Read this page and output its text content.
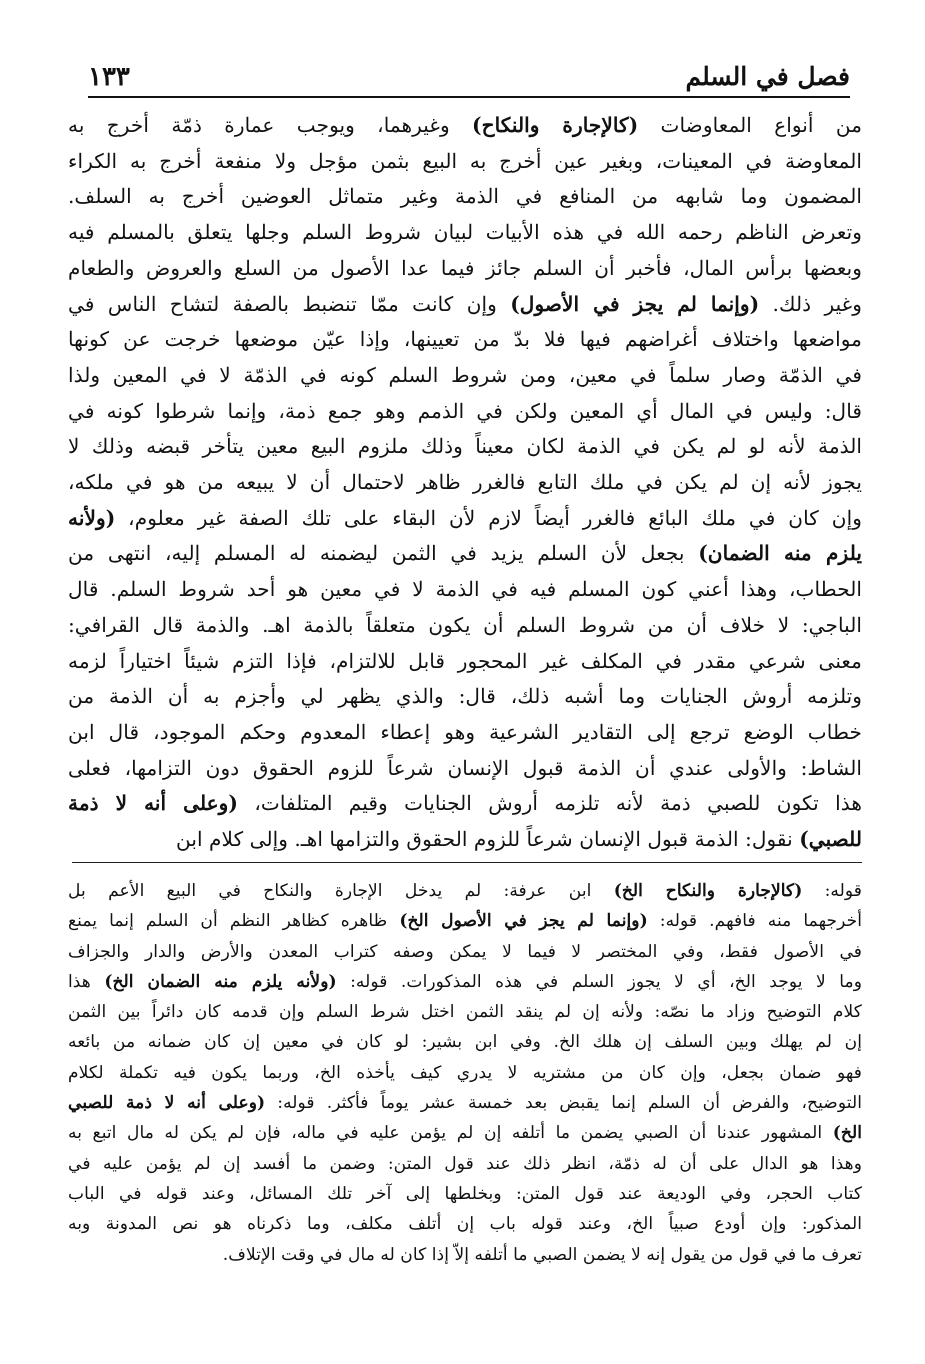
فصل في السلم
١٣٣
من أنواع المعاوضات (كالإجارة والنكاح) وغيرهما، ويوجب عمارة ذمّة أخرج به
المعاوضة في المعينات، وبغير عين أخرج به البيع بثمن مؤجل ولا منفعة أخرج به الكراء
المضمون وما شابهه من المنافع في الذمة وغير متماثل العوضين أخرج به السلف.
وتعرض الناظم رحمه الله في هذه الأبيات لبيان شروط السلم وجلها يتعلق بالمسلم فيه
وبعضها برأس المال، فأخبر أن السلم جائز فيما عدا الأصول من السلع والعروض والطعام
وغير ذلك. (وإنما لم يجز في الأصول) وإن كانت ممّا تنضبط بالصفة لتشاح الناس في
مواضعها واختلاف أغراضهم فيها فلا بدّ من تعيينها، وإذا عيّن موضعها خرجت عن كونها
في الذمّة وصار سلماً في معين، ومن شروط السلم كونه في الذمّة لا في المعين ولذا
قال: وليس في المال أي المعين ولكن في الذمم وهو جمع ذمة، وإنما شرطوا كونه في
الذمة لأنه لو لم يكن في الذمة لكان معيناً وذلك ملزوم البيع معين يتأخر قبضه وذلك لا
يجوز لأنه إن لم يكن في ملك التابع فالغرر ظاهر لاحتمال أن لا يبيعه من هو في ملكه،
وإن كان في ملك البائع فالغرر أيضاً لازم لأن البقاء على تلك الصفة غير معلوم، (ولأنه
يلزم منه الضمان) بجعل لأن السلم يزيد في الثمن ليضمنه له المسلم إليه، انتهى من
الحطاب، وهذا أعني كون المسلم فيه في الذمة لا في معين هو أحد شروط السلم. قال
الباجي: لا خلاف أن من شروط السلم أن يكون متعلقاً بالذمة اهـ. والذمة قال القرافي:
معنى شرعي مقدر في المكلف غير المحجور قابل للالتزام، فإذا التزم شيئاً اختياراً لزمه
وتلزمه أروش الجنايات وما أشبه ذلك، قال: والذي يظهر لي وأجزم به أن الذمة من
خطاب الوضع ترجع إلى التقادير الشرعية وهو إعطاء المعدوم وحكم الموجود، قال ابن
الشاط: والأولى عندي أن الذمة قبول الإنسان شرعاً للزوم الحقوق دون التزامها، فعلى
هذا تكون للصبي ذمة لأنه تلزمه أروش الجنايات وقيم المتلفات، (وعلى أنه لا ذمة
للصبي) نقول: الذمة قبول الإنسان شرعاً للزوم الحقوق والتزامها اهـ. وإلى كلام ابن
قوله: (كالإجارة والنكاح الخ) ابن عرفة: لم يدخل الإجارة والنكاح في البيع الأعم بل
أخرجهما منه فافهم. قوله: (وإنما لم يجز في الأصول الخ) ظاهره كظاهر النظم أن السلم إنما يمنع
في الأصول فقط، وفي المختصر لا فيما لا يمكن وصفه كتراب المعدن والأرض والدار والجزاف
وما لا يوجد الخ، أي لا يجوز السلم في هذه المذكورات. قوله: (ولأنه يلزم منه الضمان الخ) هذا
كلام التوضيح وزاد ما نصّه: ولأنه إن لم ينقد الثمن اختل شرط السلم وإن قدمه كان دائراً بين الثمن
إن لم يهلك وبين السلف إن هلك الخ. وفي ابن بشير: لو كان في معين إن كان ضمانه من بائعه
فهو ضمان بجعل، وإن كان من مشتريه لا يدري كيف يأخذه الخ، وربما يكون فيه تكملة لكلام
التوضيح، والفرض أن السلم إنما يقبض بعد خمسة عشر يوماً فأكثر. قوله: (وعلى أنه لا ذمة للصبي
الخ) المشهور عندنا أن الصبي يضمن ما أتلفه إن لم يؤمن عليه في ماله، فإن لم يكن له مال اتبع به
وهذا هو الدال على أن له ذمّة، انظر ذلك عند قول المتن: وضمن ما أفسد إن لم يؤمن عليه في
كتاب الحجر، وفي الوديعة عند قول المتن: وبخلطها إلى آخر تلك المسائل، وعند قوله في الباب
المذكور: وإن أودع صبياً الخ، وعند قوله باب إن أتلف مكلف، وما ذكرناه هو نص المدونة وبه
تعرف ما في قول من يقول إنه لا يضمن الصبي ما أتلفه إلاّ إذا كان له مال في وقت الإتلاف.
